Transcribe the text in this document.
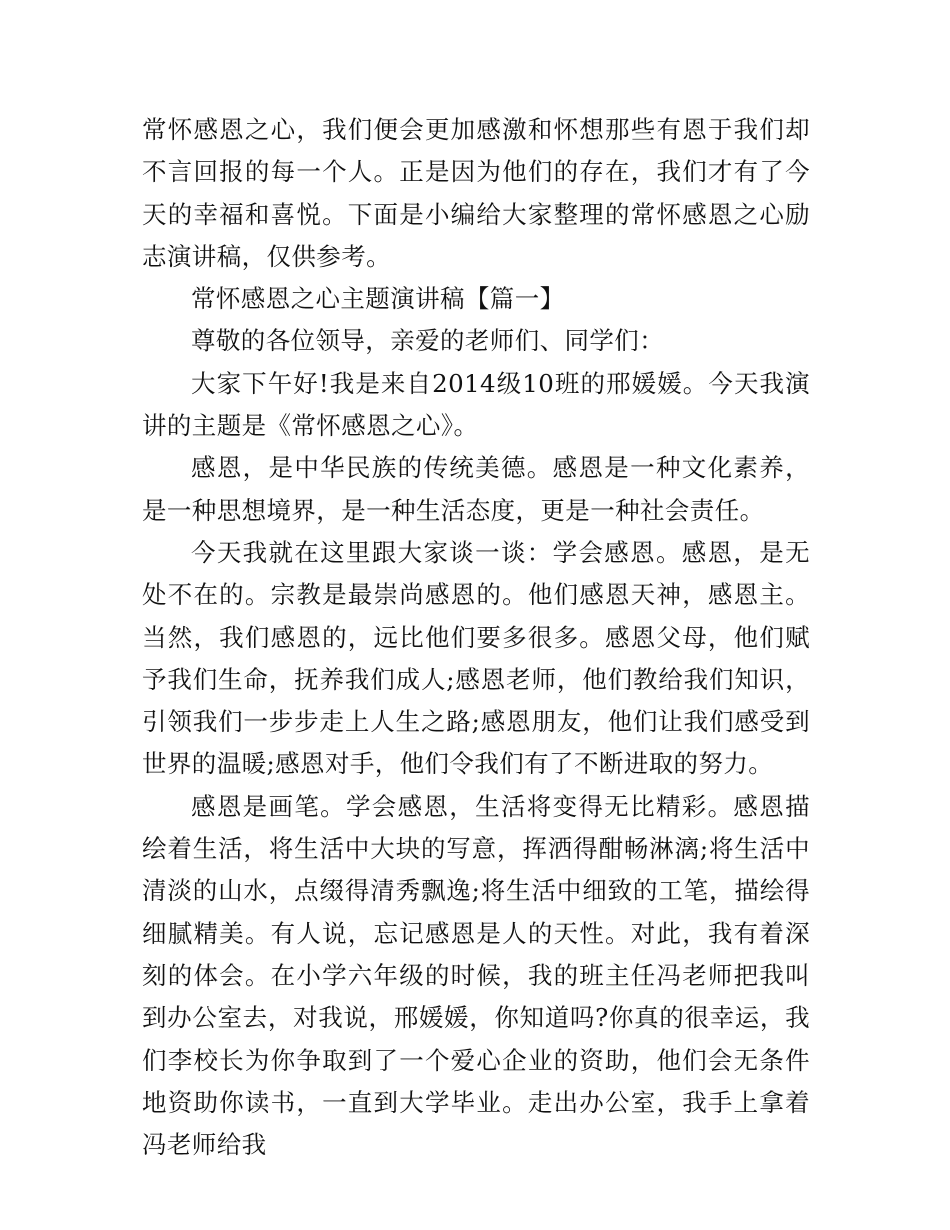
常怀感恩之心，我们便会更加感激和怀想那些有恩于我们却不言回报的每一个人。正是因为他们的存在，我们才有了今天的幸福和喜悦。下面是小编给大家整理的常怀感恩之心励志演讲稿，仅供参考。

常怀感恩之心主题演讲稿【篇一】

尊敬的各位领导，亲爱的老师们、同学们：

大家下午好!我是来自2014级10班的邢媛媛。今天我演讲的主题是《常怀感恩之心》。

感恩，是中华民族的传统美德。感恩是一种文化素养，是一种思想境界，是一种生活态度，更是一种社会责任。

今天我就在这里跟大家谈一谈：学会感恩。感恩，是无处不在的。宗教是最崇尚感恩的。他们感恩天神，感恩主。当然，我们感恩的，远比他们要多很多。感恩父母，他们赋予我们生命，抚养我们成人;感恩老师，他们教给我们知识，引领我们一步步走上人生之路;感恩朋友，他们让我们感受到世界的温暖;感恩对手，他们令我们有了不断进取的努力。

感恩是画笔。学会感恩，生活将变得无比精彩。感恩描绘着生活，将生活中大块的写意，挥洒得酣畅淋漓;将生活中清淡的山水，点缀得清秀飘逸;将生活中细致的工笔，描绘得细腻精美。有人说，忘记感恩是人的天性。对此，我有着深刻的体会。在小学六年级的时候，我的班主任冯老师把我叫到办公室去，对我说，邢媛媛，你知道吗?你真的很幸运，我们李校长为你争取到了一个爱心企业的资助，他们会无条件地资助你读书，一直到大学毕业。走出办公室，我手上拿着冯老师给我
